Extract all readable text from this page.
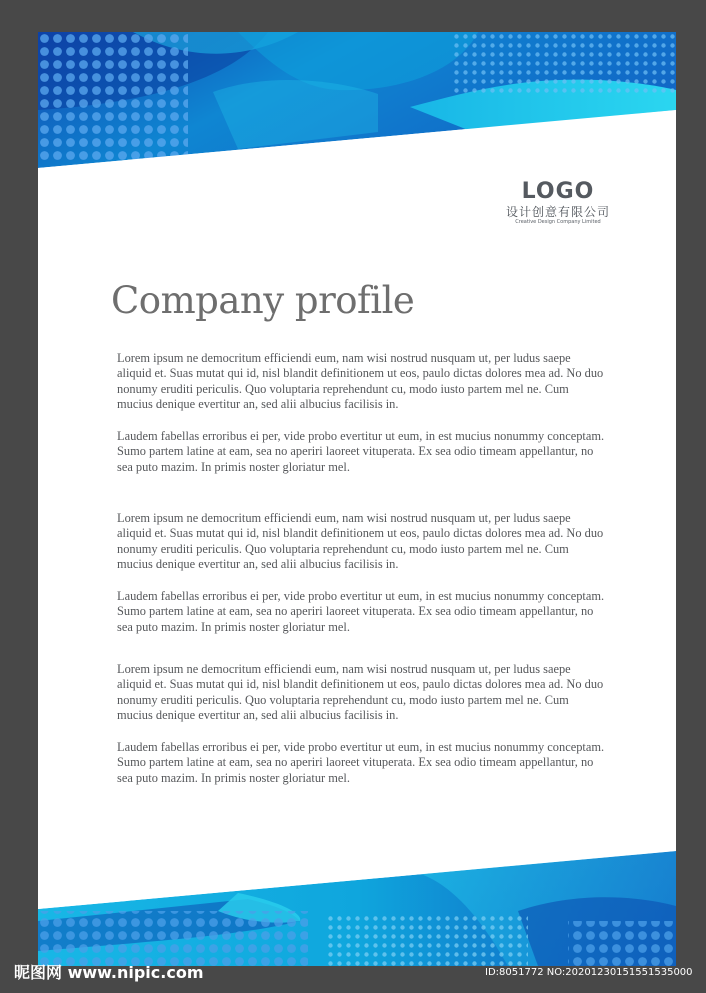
LOGO
设计创意有限公司
Creative Design Company Limited
Company profile

Lorem ipsum ne democritum efficiendi eum, nam wisi nostrud nusquam ut, per ludus saepe aliquid et. Suas mutat qui id, nisl blandit definitionem ut eos, paulo dictas dolores mea ad. No duo nonumy eruditi periculis. Quo voluptaria reprehendunt cu, modo iusto partem mel ne. Cum mucius denique evertitur an, sed alii albucius facilisis in.

Laudem fabellas erroribus ei per, vide probo evertitur ut eum, in est mucius nonummy conceptam. Sumo partem latine at eam, sea no aperiri laoreet vituperata. Ex sea odio timeam appellantur, no sea puto mazim. In primis noster gloriatur mel.

Lorem ipsum ne democritum efficiendi eum, nam wisi nostrud nusquam ut, per ludus saepe aliquid et. Suas mutat qui id, nisl blandit definitionem ut eos, paulo dictas dolores mea ad. No duo nonumy eruditi periculis. Quo voluptaria reprehendunt cu, modo iusto partem mel ne. Cum mucius denique evertitur an, sed alii albucius facilisis in.

Laudem fabellas erroribus ei per, vide probo evertitur ut eum, in est mucius nonummy conceptam. Sumo partem latine at eam, sea no aperiri laoreet vituperata. Ex sea odio timeam appellantur, no sea puto mazim. In primis noster gloriatur mel.

Lorem ipsum ne democritum efficiendi eum, nam wisi nostrud nusquam ut, per ludus saepe aliquid et. Suas mutat qui id, nisl blandit definitionem ut eos, paulo dictas dolores mea ad. No duo nonumy eruditi periculis. Quo voluptaria reprehendunt cu, modo iusto partem mel ne. Cum mucius denique evertitur an, sed alii albucius facilisis in.

Laudem fabellas erroribus ei per, vide probo evertitur ut eum, in est mucius nonummy conceptam. Sumo partem latine at eam, sea no aperiri laoreet vituperata. Ex sea odio timeam appellantur, no sea puto mazim. In primis noster gloriatur mel.

昵图网 www.nipic.com	ID:8051772 NO:20201230151551535000
